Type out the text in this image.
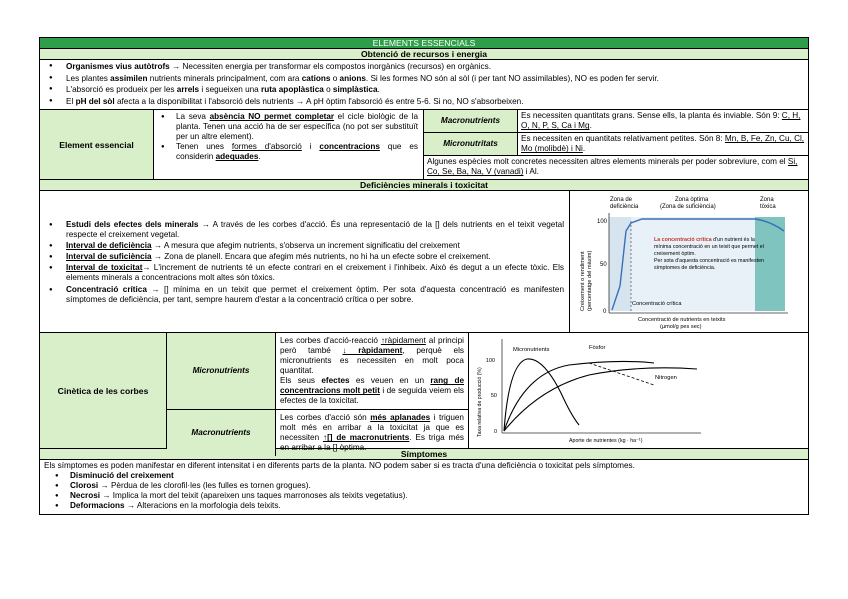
ELEMENTS ESSENCIALS
Obtenció de recursos i energia
● Organismes vius autòtrofs → Necessiten energia per transformar els compostos inorgànics (recursos) en orgànics.
● Les plantes assimilen nutrients minerals principalment, com ara cations o anions. Si les formes NO són al sòl (i per tant NO assimilables), NO es poden fer servir.
● L'absorció es produeix per les arrels i segueixen una ruta apoplàstica o simplàstica.
● El pH del sòl afecta a la disponibilitat i l'absorció dels nutrients → A pH òptim l'absorció és entre 5-6. Si no, NO s'absorbeixen.
Element essencial
● La seva absència NO permet completar el cicle biològic de la planta. Tenen una acció ha de ser específica (no pot ser substituït per un altre element).
● Tenen unes formes d'absorció i concentracions que es considerin adequades.
Macronutrients
Es necessiten quantitats grans. Sense ells, la planta és inviable. Són 9: C, H, O, N, P, S, Ca i Mg.
Micronutritats
Es necessiten en quantitats relativament petites. Són 8: Mn, B, Fe, Zn, Cu, Cl, Mo (molibdè) i Ni.
Algunes espècies molt concretes necessiten altres elements minerals per poder sobreviure, com el Si, Co, Se, Ba, Na, V (vanadi) i Al.
Deficiències minerals i toxicitat
● Estudi dels efectes dels minerals → A través de les corbes d'acció. És una representació de la [] dels nutrients en el teixit vegetal respecte el creixement vegetal.
● Interval de deficiència → A mesura que afegim nutrients, s'observa un increment significatiu del creixement
● Interval de suficiència → Zona de planell. Encara que afegim més nutrients, no hi ha un efecte sobre el creixement.
● Interval de toxicitat→ L'increment de nutrients té un efecte contrari en el creixement i l'inhibeix. Això és degut a un efecte tòxic. Els elements minerals a concentracions molt altes són tòxics.
● Concentració crítica → [] mínima en un teixit que permet el creixement òptim. Per sota d'aquesta concentració es manifesten símptomes de deficiència, per tant, sempre haurem d'estar a la concentració crítica o per sobre.
Zona de deficiència
Zona òptima (Zona de suficiència)
Zona tòxica
100
50
0
Creixement o rendiment(percentatge del màxim)
La concentració crítica d'un nutrient és la
mínima concentració en un teixit que permet el
creixement òptim.
Per sota d'aquesta concentració es manifesten
símptomes de deficiència.
Concentració crítica
Concentració de nutrients en teixits (µmol/g pes sec)
Cinètica de les corbes
Micronutrients
Les corbes d'acció-reacció ↑ràpidament al principi però també ↓ ràpidament, perquè els micronutrients es necessiten en molt poca quantitat.
Els seus efectes es veuen en un rang de concentracions molt petit i de seguida veiem els efectes de la toxicitat.
Macronutrients
Les corbes d'acció són més aplanades i triguen molt més en arribar a la toxicitat ja que es necessiten ↑[] de macronutrients. Es triga més en arribar a la [] òptima.
100
50
0
Taxa relativa de producció (%)
Micronutrients	Fòsfor
Nitrogen
Aporte de nutrientes (kg · ha⁻¹)
Símptomes
Els símptomes es poden manifestar en diferent intensitat i en diferents parts de la planta. NO podem saber si es tracta d'una deficiència o toxicitat pels símptomes.
● Disminució del creixement
● Clorosi → Pèrdua de les clorofil·les (les fulles es tornen grogues).
● Necrosi → Implica la mort del teixit (apareixen uns taques marronoses als teixits vegetatius).
● Deformacions → Alteracions en la morfologia dels teixits.
